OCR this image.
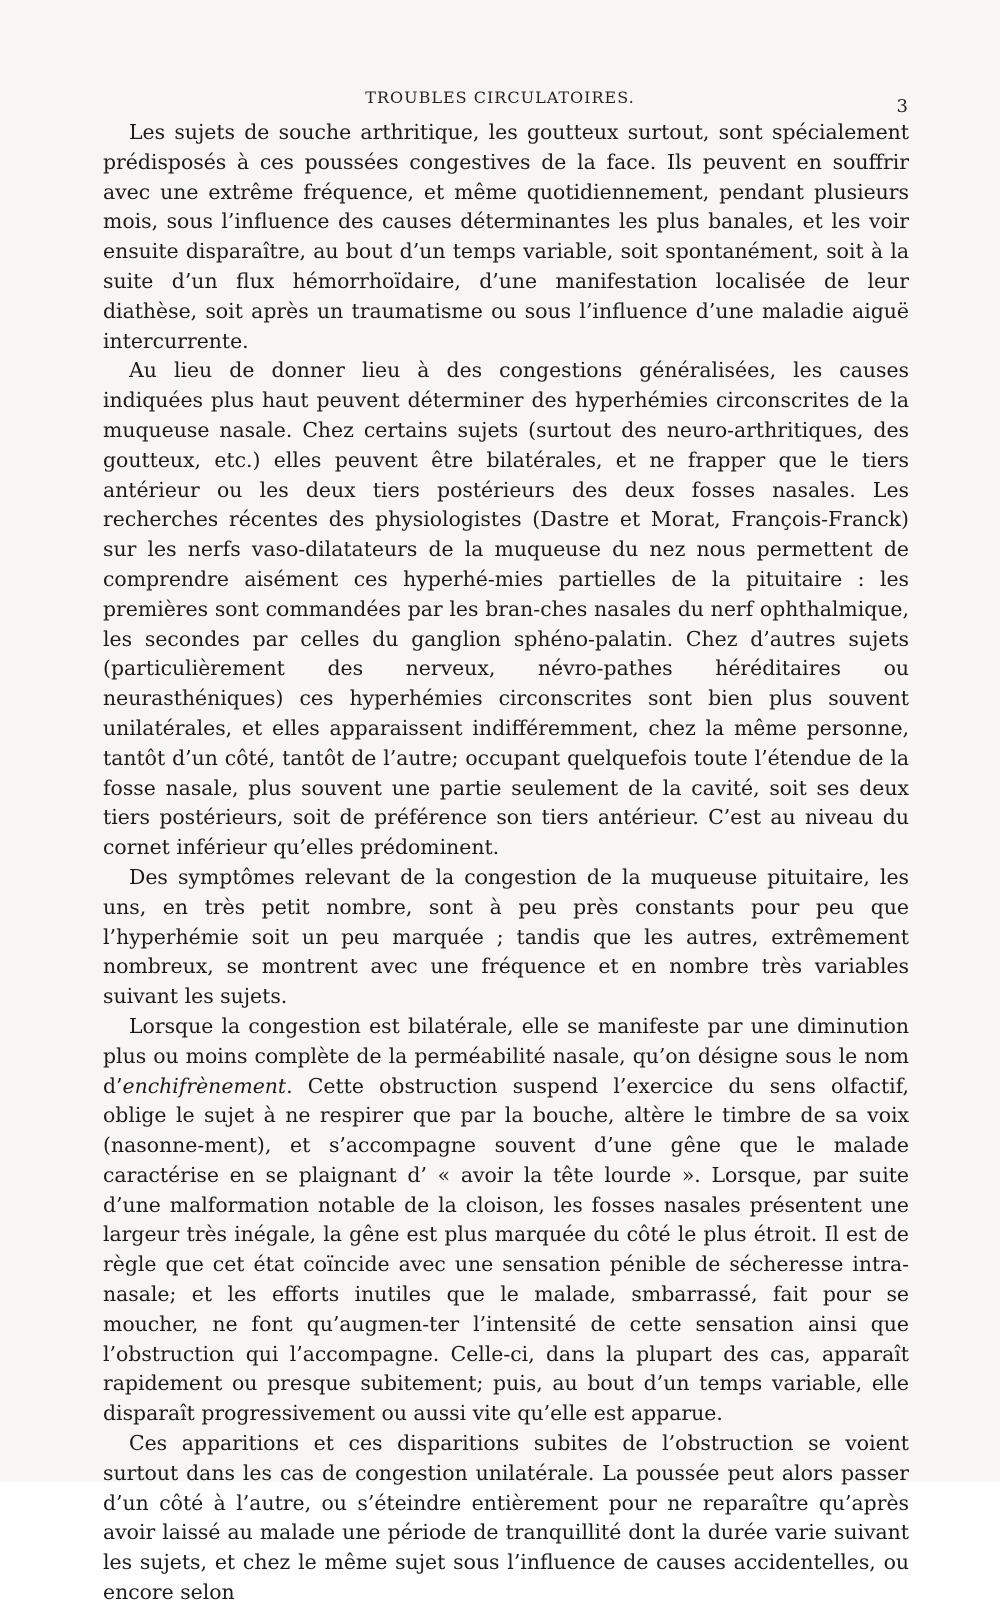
TROUBLES CIRCULATOIRES.	3

Les sujets de souche arthritique, les goutteux surtout, sont spécialement prédisposés à ces poussées congestives de la face. Ils peuvent en souffrir avec une extrême fréquence, et même quotidiennement, pendant plusieurs mois, sous l’influence des causes déterminantes les plus banales, et les voir ensuite disparaître, au bout d’un temps variable, soit spontanément, soit à la suite d’un flux hémorrhoïdaire, d’une manifestation localisée de leur diathèse, soit après un traumatisme ou sous l’influence d’une maladie aiguë intercurrente.

Au lieu de donner lieu à des congestions généralisées, les causes indiquées plus haut peuvent déterminer des hyperhémies circonscrites de la muqueuse nasale. Chez certains sujets (surtout des neuro-arthritiques, des goutteux, etc.) elles peuvent être bilatérales, et ne frapper que le tiers antérieur ou les deux tiers postérieurs des deux fosses nasales. Les recherches récentes des physiologistes (Dastre et Morat, François-Franck) sur les nerfs vaso-dilatateurs de la muqueuse du nez nous permettent de comprendre aisément ces hyperhé-mies partielles de la pituitaire : les premières sont commandées par les bran-ches nasales du nerf ophthalmique, les secondes par celles du ganglion sphéno-palatin. Chez d’autres sujets (particulièrement des nerveux, névro-pathes héréditaires ou neurasthéniques) ces hyperhémies circonscrites sont bien plus souvent unilatérales, et elles apparaissent indifféremment, chez la même personne, tantôt d’un côté, tantôt de l’autre; occupant quelquefois toute l’étendue de la fosse nasale, plus souvent une partie seulement de la cavité, soit ses deux tiers postérieurs, soit de préférence son tiers antérieur. C’est au niveau du cornet inférieur qu’elles prédominent.

Des symptômes relevant de la congestion de la muqueuse pituitaire, les uns, en très petit nombre, sont à peu près constants pour peu que l’hyperhémie soit un peu marquée ; tandis que les autres, extrêmement nombreux, se montrent avec une fréquence et en nombre très variables suivant les sujets.

Lorsque la congestion est bilatérale, elle se manifeste par une diminution plus ou moins complète de la perméabilité nasale, qu’on désigne sous le nom d’enchifrènement. Cette obstruction suspend l’exercice du sens olfactif, oblige le sujet à ne respirer que par la bouche, altère le timbre de sa voix (nasonne-ment), et s’accompagne souvent d’une gêne que le malade caractérise en se plaignant d’ « avoir la tête lourde ». Lorsque, par suite d’une malformation notable de la cloison, les fosses nasales présentent une largeur très inégale, la gêne est plus marquée du côté le plus étroit. Il est de règle que cet état coïncide avec une sensation pénible de sécheresse intra-nasale; et les efforts inutiles que le malade, smbarrassé, fait pour se moucher, ne font qu’augmen-ter l’intensité de cette sensation ainsi que l’obstruction qui l’accompagne. Celle-ci, dans la plupart des cas, apparaît rapidement ou presque subitement; puis, au bout d’un temps variable, elle disparaît progressivement ou aussi vite qu’elle est apparue.

Ces apparitions et ces disparitions subites de l’obstruction se voient surtout dans les cas de congestion unilatérale. La poussée peut alors passer d’un côté à l’autre, ou s’éteindre entièrement pour ne reparaître qu’après avoir laissé au malade une période de tranquillité dont la durée varie suivant les sujets, et chez le même sujet sous l’influence de causes accidentelles, ou encore selon
